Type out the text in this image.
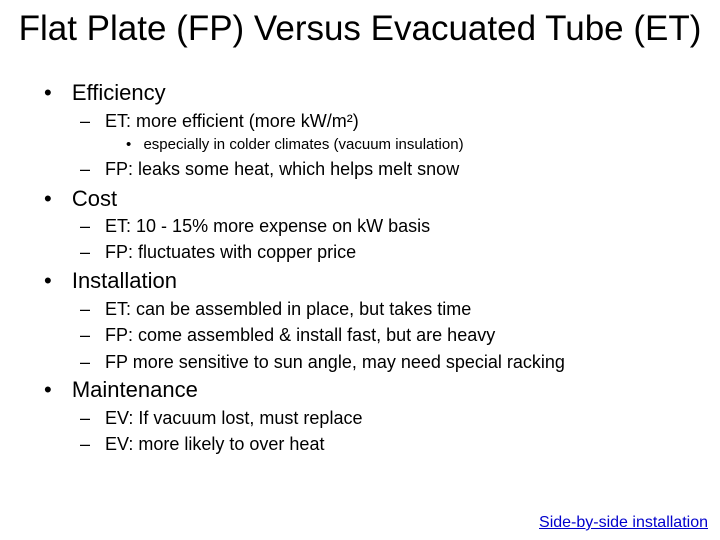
Flat Plate (FP) Versus Evacuated Tube (ET)
• Efficiency
– ET: more efficient (more kW/m²)
• especially in colder climates (vacuum insulation)
– FP: leaks some heat, which helps melt snow
• Cost
– ET: 10 - 15% more expense on kW basis
– FP: fluctuates with copper price
• Installation
– ET: can be assembled in place, but takes time
– FP: come assembled & install fast, but are heavy
– FP more sensitive to sun angle, may need special racking
• Maintenance
– EV: If vacuum lost, must replace
– EV: more likely to over heat
Side-by-side installation
